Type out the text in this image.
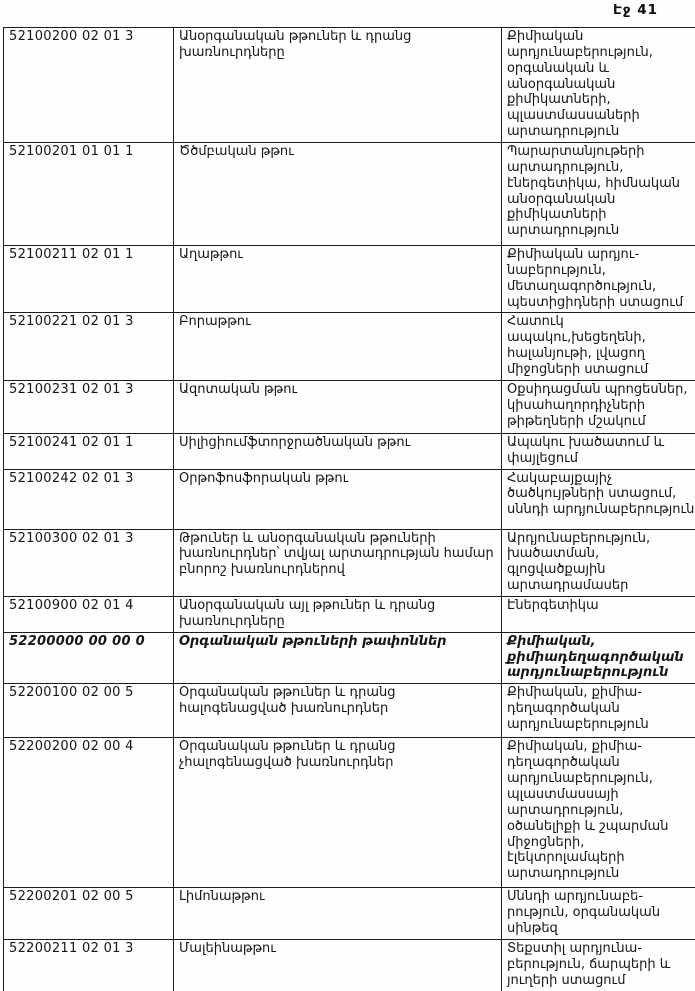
Էջ 41
52100200 02 01 3	Անօրգանական թթուներ և դրանց խառնուրդները	Քիմիական արդյունաբերություն, օրգանական և անօրգանական քիմիկատների, պլաստմասսաների արտադրություն
52100201 01 01 1	Ծծմբական թթու	Պարարտանյութերի արտադրություն, էներգետիկա, հիմնական անօրգանական քիմիկատների արտադրություն
52100211 02 01 1	Աղաթթու	Քիմիական արդյունաբերություն, մետաղագործություն, պեստիցիդների ստացում
52100221 02 01 3	Բորաթթու	Հատուկ ապակու,խեցեղենի, հալանյութի, լվացող միջոցների ստացում
52100231 02 01 3	Ազոտական թթու	Օքսիդացման պրոցեսներ, կիսահաղորդիչների թիթեղների մշակում
52100241 02 01 1	Սիլիցիումֆտորջրածնական թթու	Ապակու խածատում և փայլեցում
52100242 02 01 3	Օրթոֆոսֆորական թթու	Հակաբայքայիչ ծածկույթների ստացում, սննդի արդյունաբերություն
52100300 02 01 3	Թթուներ և անօրգանական թթուների խառնուրդներ՝ տվյալ արտադրության համար բնորոշ խառնուրդներով	Արդյունաբերություն, խածատման, գլոցվածքային արտադրամասեր
52100900 02 01 4	Անօրգանական այլ թթուներ և դրանց խառնուրդները	Էներգետիկա
52200000 00 00 0	Օրգանական թթուների թափոններ	Քիմիական, քիմիադեղագործական արդյունաբերություն
52200100 02 00 5	Օրգանական թթուներ և դրանց հալոգենացված խառնուրդներ	Քիմիական, քիմիադեղագործական արդյունաբերություն
52200200 02 00 4	Օրգանական թթուներ և դրանց չհալոգենացված խառնուրդներ	Քիմիական, քիմիադեղագործական արդյունաբերություն, պլաստմասսայի արտադրություն, օծանելիքի և շպարման միջոցների, էլեկտրոլամպերի արտադրություն
52200201 02 00 5	Լիմոնաթթու	Սննդի արդյունաբերություն, օրգանական սինթեզ
52200211 02 01 3	Մալեինաթթու	Տեքստիլ արդյունաբերություն, ճարպերի և յուղերի ստացում
